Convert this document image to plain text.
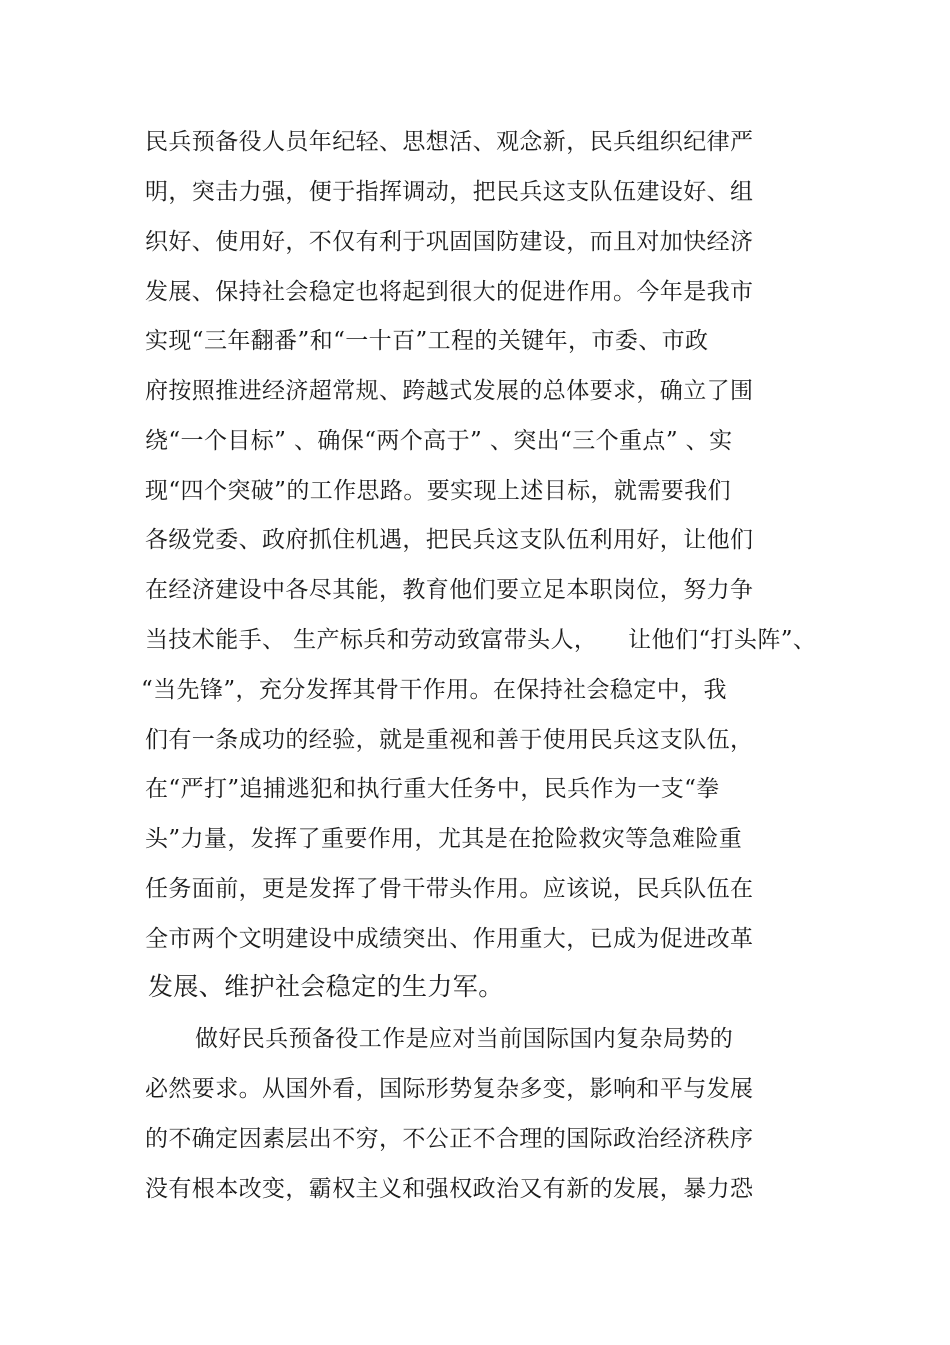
民兵预备役人员年纪轻、思想活、观念新，民兵组织纪律严
明，突击力强，便于指挥调动，把民兵这支队伍建设好、组
织好、使用好，不仅有利于巩固国防建设，而且对加快经济
发展、保持社会稳定也将起到很大的促进作用。今年是我市
实现“三年翻番”和“一十百”工程的关键年，市委、市政
府按照推进经济超常规、跨越式发展的总体要求，确立了围
绕“一个目标” 、确保“两个高于” 、突出“三个重点” 、实
现“四个突破”的工作思路。要实现上述目标，就需要我们
各级党委、政府抓住机遇，把民兵这支队伍利用好，让他们
在经济建设中各尽其能，教育他们要立足本职岗位，努力争
当技术能手、 生产标兵和劳动致富带头人，    让他们“打头阵”、
“当先锋”，充分发挥其骨干作用。在保持社会稳定中，我
们有一条成功的经验，就是重视和善于使用民兵这支队伍，
在“严打”追捕逃犯和执行重大任务中，民兵作为一支“拳
头”力量，发挥了重要作用，尤其是在抢险救灾等急难险重
任务面前，更是发挥了骨干带头作用。应该说，民兵队伍在
全市两个文明建设中成绩突出、作用重大，已成为促进改革
发展、维护社会稳定的生力军。
做好民兵预备役工作是应对当前国际国内复杂局势的
必然要求。从国外看，国际形势复杂多变，影响和平与发展
的不确定因素层出不穷，不公正不合理的国际政治经济秩序
没有根本改变，霸权主义和强权政治又有新的发展，暴力恐
